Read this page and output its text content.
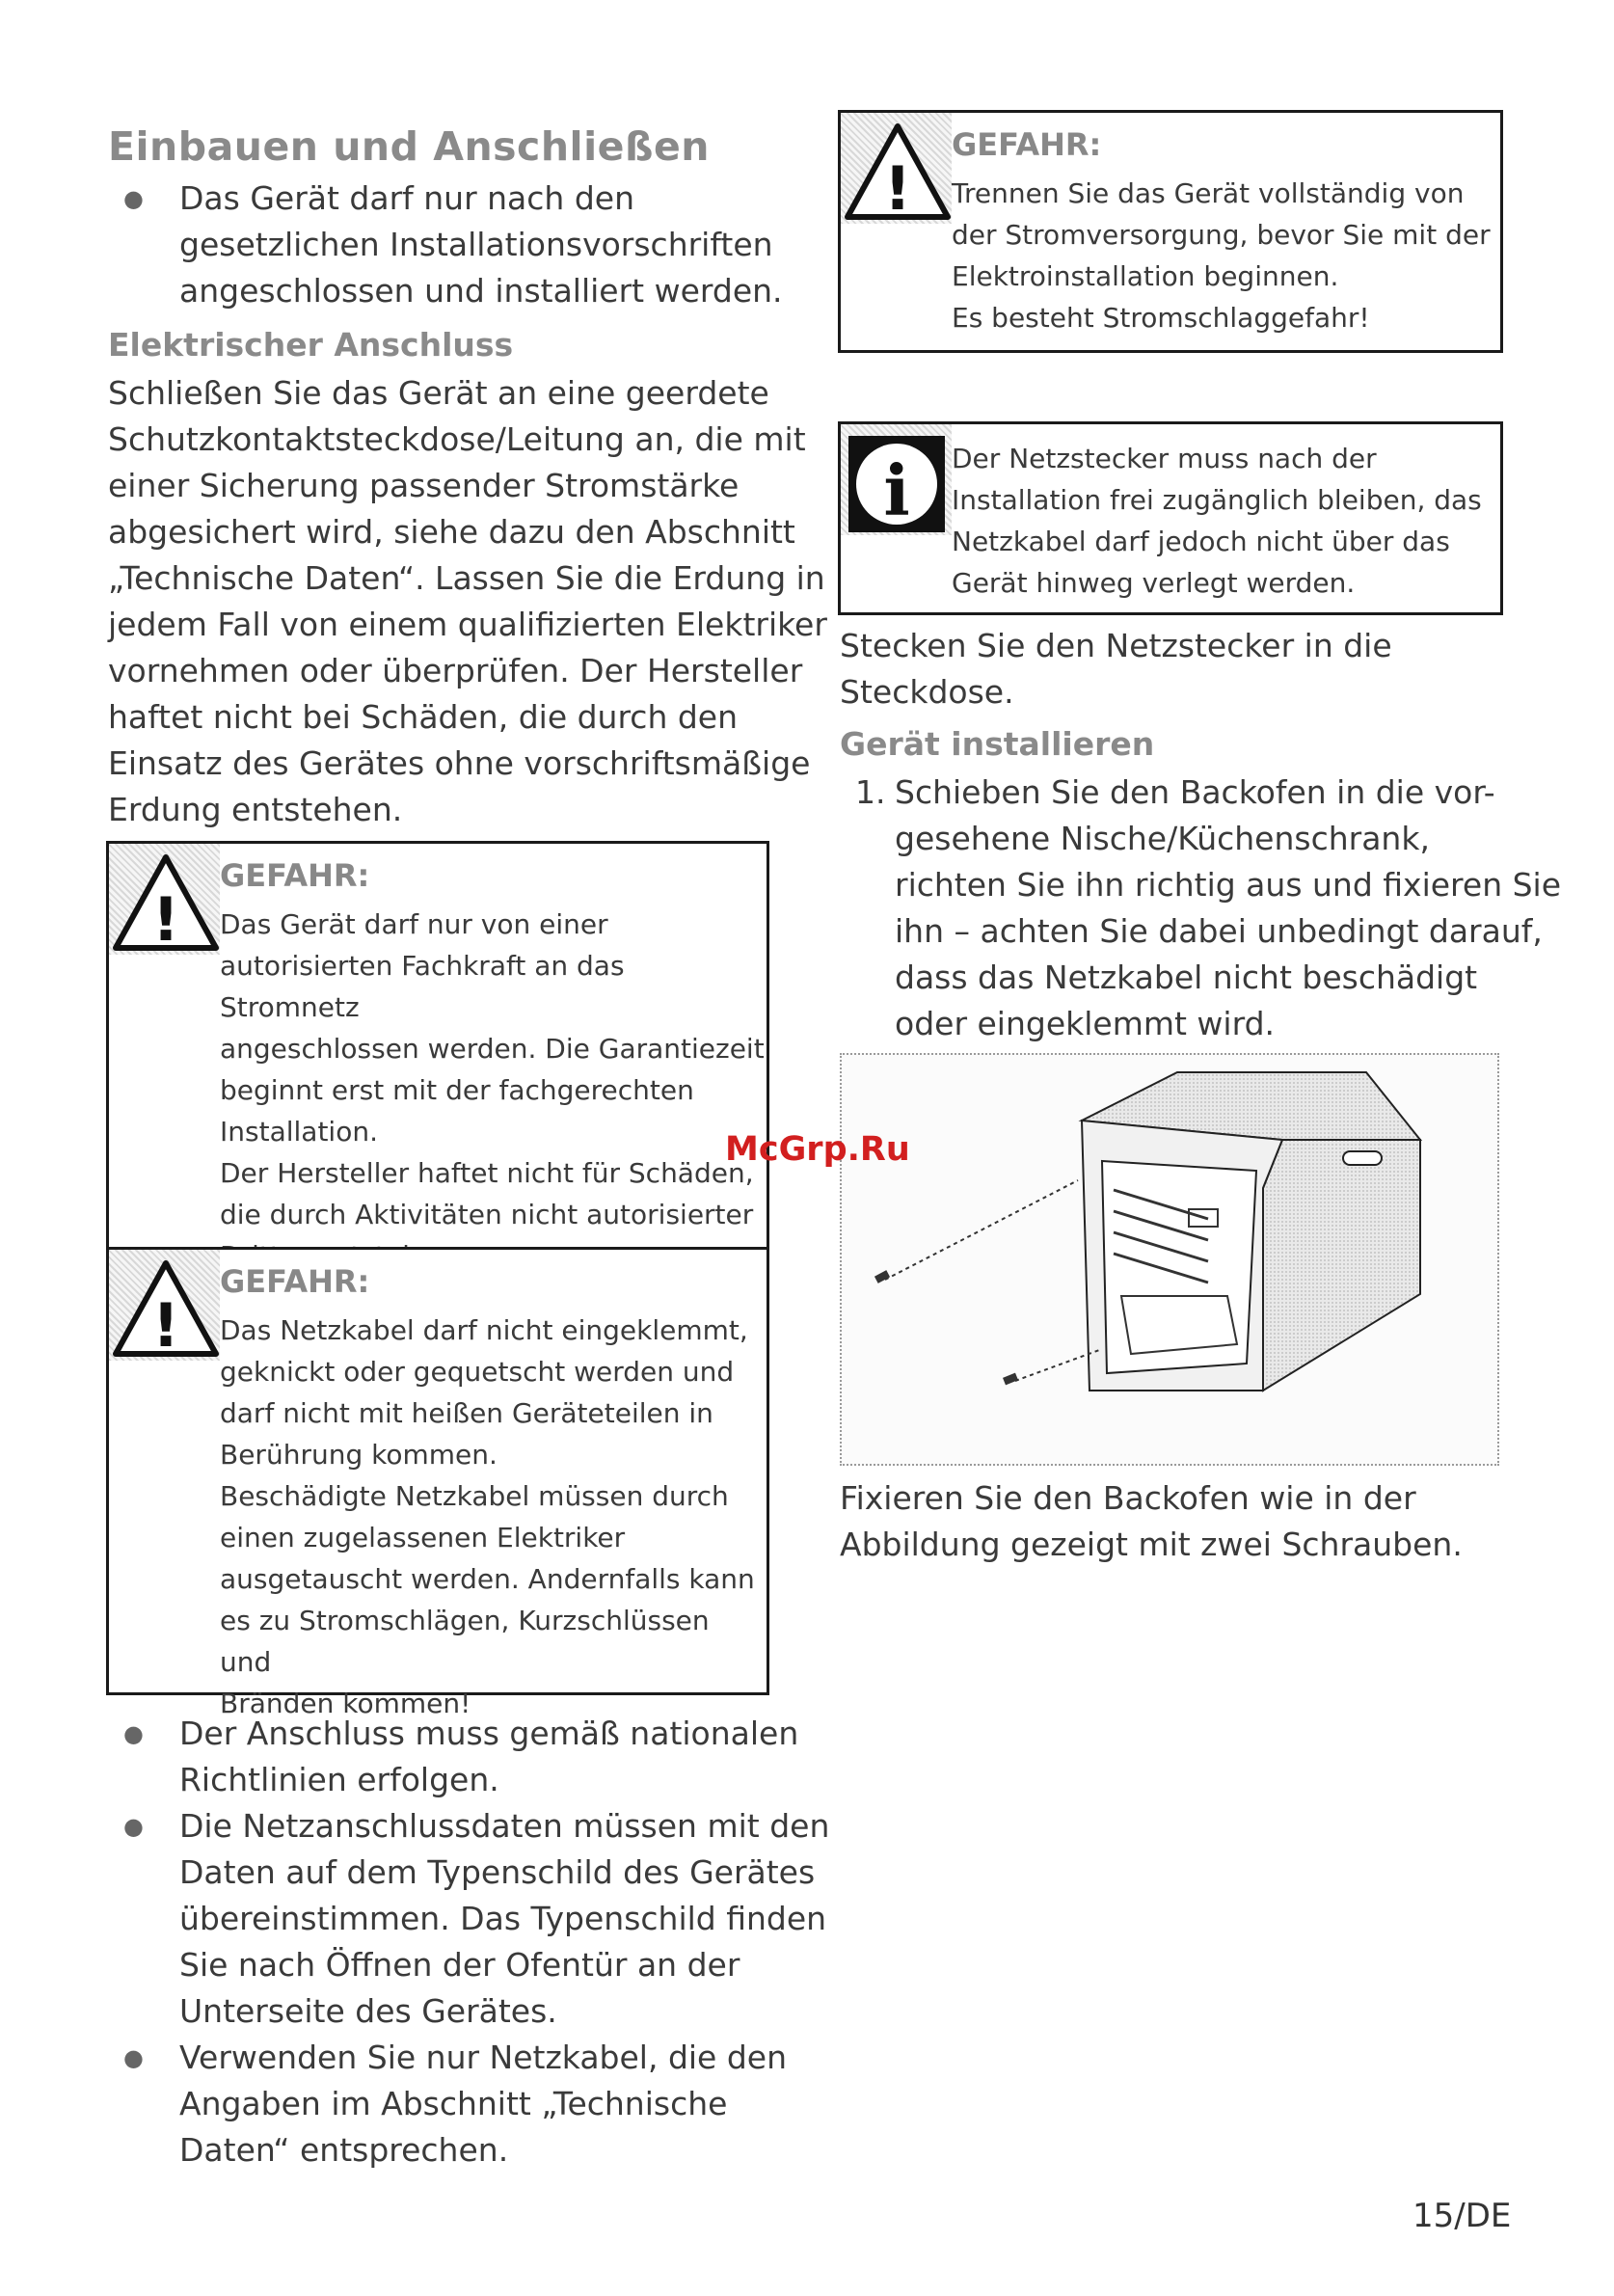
Einbauen und Anschließen
● Das Gerät darf nur nach den
gesetzlichen Installationsvorschriften
angeschlossen und installiert werden.
Elektrischer Anschluss
Schließen Sie das Gerät an eine geerdete
Schutzkontaktsteckdose/Leitung an, die mit
einer Sicherung passender Stromstärke
abgesichert wird, siehe dazu den Abschnitt
„Technische Daten“. Lassen Sie die Erdung in
jedem Fall von einem qualifizierten Elektriker
vornehmen oder überprüfen. Der Hersteller
haftet nicht bei Schäden, die durch den
Einsatz des Gerätes ohne vorschriftsmäßige
Erdung entstehen.
!
GEFAHR:
Das Gerät darf nur von einer
autorisierten Fachkraft an das Stromnetz
angeschlossen werden. Die Garantiezeit
beginnt erst mit der fachgerechten
Installation.
Der Hersteller haftet nicht für Schäden,
die durch Aktivitäten nicht autorisierter
!
GEFAHR:
Das Netzkabel darf nicht eingeklemmt,
geknickt oder gequetscht werden und
darf nicht mit heißen Geräteteilen in
Berührung kommen.
Beschädigte Netzkabel müssen durch
einen zugelassenen Elektriker
ausgetauscht werden. Andernfalls kann
es zu Stromschlägen, Kurzschlüssen und
Bränden kommen!
● Der Anschluss muss gemäß nationalen
Richtlinien erfolgen.
● Die Netzanschlussdaten müssen mit den
Daten auf dem Typenschild des Gerätes
übereinstimmen. Das Typenschild finden
Sie nach Öffnen der Ofentür an der
Unterseite des Gerätes.
● Verwenden Sie nur Netzkabel, die den
Angaben im Abschnitt „Technische
Daten“ entsprechen.
!
GEFAHR:
Trennen Sie das Gerät vollständig von
der Stromversorgung, bevor Sie mit der
Elektroinstallation beginnen.
Es besteht Stromschlaggefahr!
i Der Netzstecker muss nach der
Installation frei zugänglich bleiben, das
Netzkabel darf jedoch nicht über das
Gerät hinweg verlegt werden.
Stecken Sie den Netzstecker in die
Steckdose.
Gerät installieren
1. Schieben Sie den Backofen in die vor-
gesehene Nische/Küchenschrank,
richten Sie ihn richtig aus und fixieren Sie
ihn – achten Sie dabei unbedingt darauf,
dass das Netzkabel nicht beschädigt
oder eingeklemmt wird.
Fixieren Sie den Backofen wie in der
Abbildung gezeigt mit zwei Schrauben.
McGrp.Ru
15/DE
